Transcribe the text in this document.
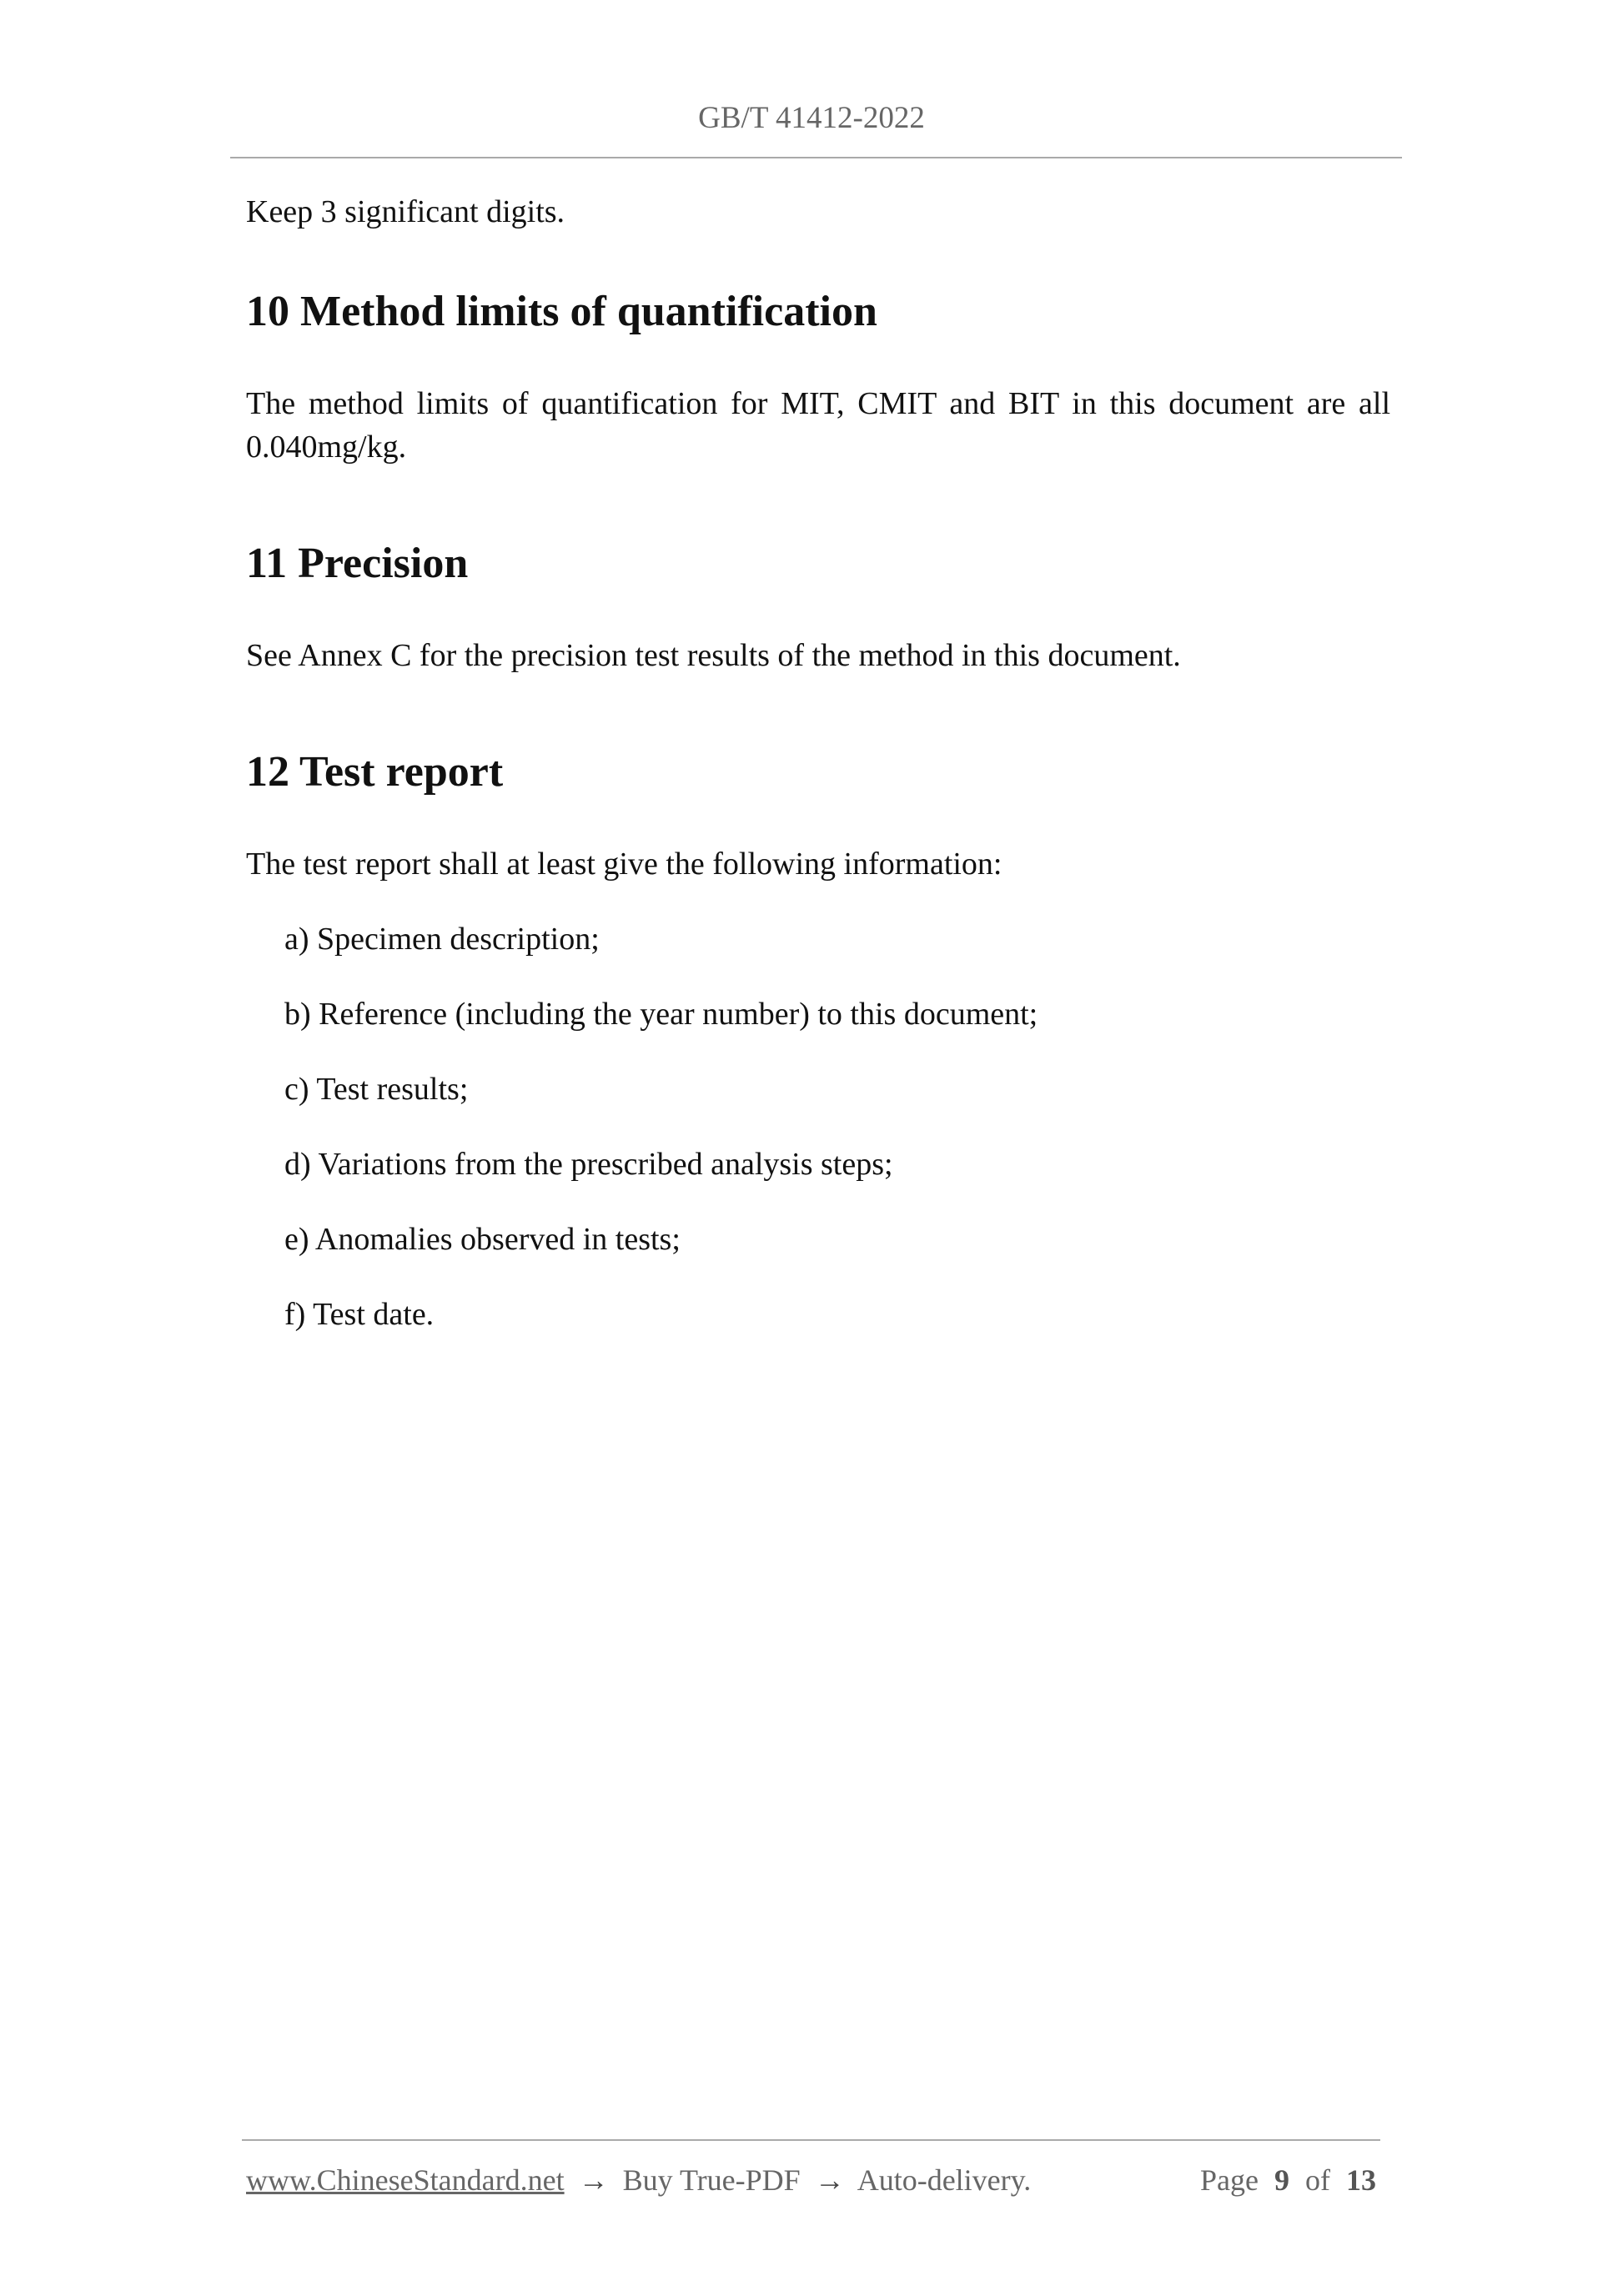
GB/T 41412-2022

Keep 3 significant digits.

10 Method limits of quantification

The method limits of quantification for MIT, CMIT and BIT in this document are all 0.040mg/kg.

11 Precision

See Annex C for the precision test results of the method in this document.

12 Test report

The test report shall at least give the following information:

a) Specimen description;

b) Reference (including the year number) to this document;

c) Test results;

d) Variations from the prescribed analysis steps;

e) Anomalies observed in tests;

f) Test date.

www.ChineseStandard.net → Buy True-PDF → Auto-delivery.	Page 9 of 13
